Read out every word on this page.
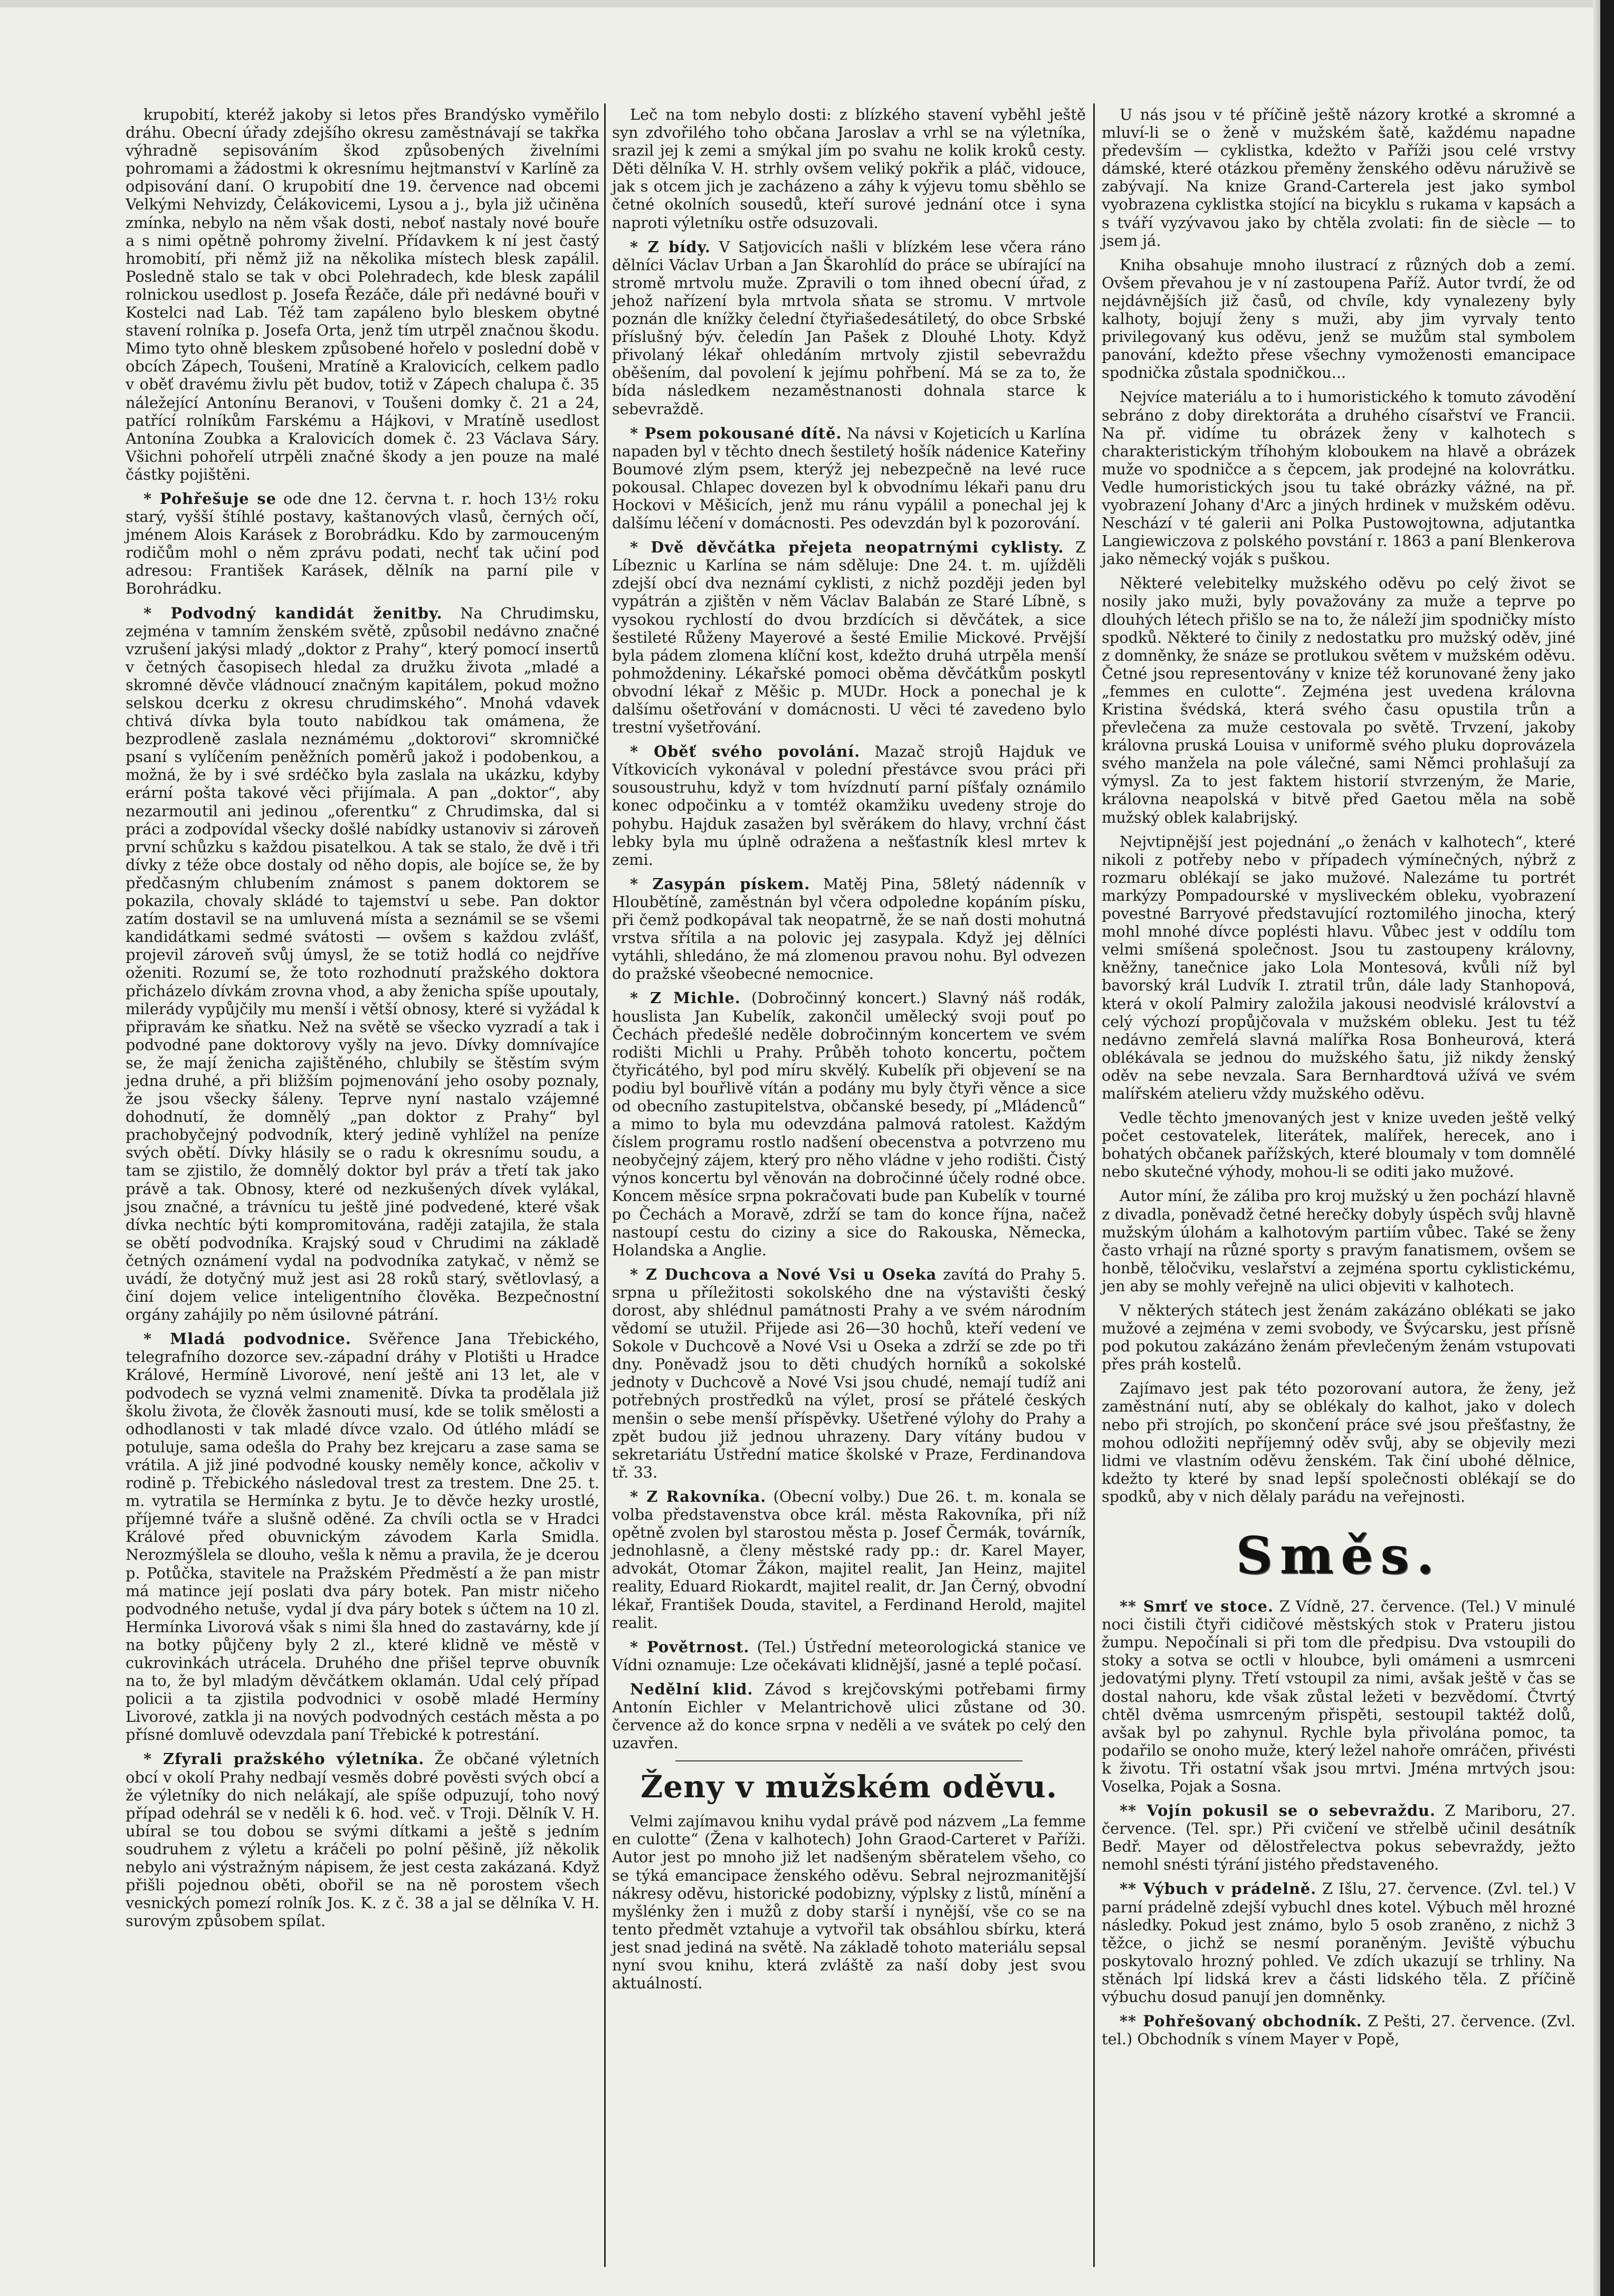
krupobití, kteréž jakoby si letos přes Brandýsko vyměřilo dráhu. Obecní úřady zdejšího okresu zaměstnávají se takřka výhradně sepisováním škod způsobených živelními pohromami a žádostmi k okresnímu hejtmanství v Karlíně za odpisování daní. O krupobití dne 19. července nad obcemi Velkými Nehvizdy, Čelákovicemi, Lysou a j., byla již učiněna zmínka, nebylo na něm však dosti, neboť nastaly nové bouře a s nimi opětně pohromy živelní. Přídavkem k ní jest častý hromobití, při němž již na několika místech blesk zapálil. Posledně stalo se tak v obci Polehradech, kde blesk zapálil rolnickou usedlost p. Josefa Řezáče, dále při nedávné bouři v Kostelci nad Lab. Též tam zapáleno bylo bleskem obytné stavení rolníka p. Josefa Orta, jenž tím utrpěl značnou škodu. Mimo tyto ohně bleskem způsobené hořelo v poslední době v obcích Zápech, Toušeni, Mratíně a Kralovicích, celkem padlo v oběť dravému živlu pět budov, totiž v Zápech chalupa č. 35 náležející Antonínu Beranovi, v Toušeni domky č. 21 a 24, patřící rolníkům Farskému a Hájkovi, v Mratíně usedlost Antonína Zoubka a Kralovicích domek č. 23 Václava Sáry. Všichni pohořelí utrpěli značné škody a jen pouze na malé částky pojištěni.

* Pohřešuje se ode dne 12. června t. r. hoch 13½ roku starý, vyšší štíhlé postavy, kaštanových vlasů, černých očí, jménem Alois Karásek z Borobrádku. Kdo by zarmouceným rodičům mohl o něm zprávu podati, nechť tak učiní pod adresou: František Karásek, dělník na parní pile v Borohrádku.

* Podvodný kandidát ženitby. Na Chrudimsku, zejména v tamním ženském světě, způsobil nedávno značné vzrušení jakýsi mladý „doktor z Prahy“, který pomocí insertů v četných časopisech hledal za družku života „mladé a skromné děvče vládnoucí značným kapitálem, pokud možno selskou dcerku z okresu chrudimského“. Mnohá vdavek chtivá dívka byla touto nabídkou tak omámena, že bezprodleně zaslala neznámému „doktorovi“ skromničké psaní s vylíčením peněžních poměrů jakož i podobenkou, a možná, že by i své srdéčko byla zaslala na ukázku, kdyby erární pošta takové věci přijímala. A pan „doktor“, aby nezarmoutil ani jedinou „oferentku“ z Chrudimska, dal si práci a zodpovídal všecky došlé nabídky ustanoviv si zároveň první schůzku s každou pisatelkou. A tak se stalo, že dvě i tři dívky z téže obce dostaly od něho dopis, ale bojíce se, že by předčasným chlubením známost s panem doktorem se pokazila, chovaly skládé to tajemství u sebe. Pan doktor zatím dostavil se na umluvená místa a seznámil se se všemi kandidátkami sedmé svátosti — ovšem s každou zvlášť, projevil zároveň svůj úmysl, že se totiž hodlá co nejdříve oženiti. Rozumí se, že toto rozhodnutí pražského doktora přicházelo dívkám zrovna vhod, a aby ženicha spíše upoutaly, milerády vypůjčily mu menší i větší obnosy, které si vyžádal k připravám ke sňatku. Než na světě se všecko vyzradí a tak i podvodné pane doktorovy vyšly na jevo. Dívky domnívajíce se, že mají ženicha zajištěného, chlubily se štěstím svým jedna druhé, a při bližším pojmenování jeho osoby poznaly, že jsou všecky šáleny. Teprve nyní nastalo vzájemné dohodnutí, že domnělý „pan doktor z Prahy“ byl prachobyčejný podvodník, který jedině vyhlížel na peníze svých obětí. Dívky hlásily se o radu k okresnímu soudu, a tam se zjistilo, že domnělý doktor byl práv a třetí tak jako právě a tak. Obnosy, které od nezkušených dívek vylákal, jsou značné, a trávnícu tu ještě jiné podvedené, které však dívka nechtíc býti kompromitována, raději zatajila, že stala se obětí podvodníka. Krajský soud v Chrudimi na základě četných oznámení vydal na podvodníka zatykač, v němž se uvádí, že dotyčný muž jest asi 28 roků starý, světlovlasý, a činí dojem velice inteligentního člověka. Bezpečnostní orgány zahájily po něm úsilovné pátrání.

* Mladá podvodnice. Svěřence Jana Třebického, telegrafního dozorce sev.-západní dráhy v Plotišti u Hradce Králové, Hermíně Livorové, není ještě ani 13 let, ale v podvodech se vyzná velmi znamenitě. Dívka ta prodělala již školu života, že člověk žasnouti musí, kde se tolik smělosti a odhodlanosti v tak mladé dívce vzalo. Od útlého mládí se potuluje, sama odešla do Prahy bez krejcaru a zase sama se vrátila. A již jiné podvodné kousky neměly konce, ačkoliv v rodině p. Třebického následoval trest za trestem. Dne 25. t. m. vytratila se Hermínka z bytu. Je to děvče hezky urostlé, příjemné tváře a slušně oděné. Za chvíli octla se v Hradci Králové před obuvnickým závodem Karla Smidla. Nerozmýšlela se dlouho, vešla k němu a pravila, že je dcerou p. Potůčka, stavitele na Pražském Předměstí a že pan mistr má matince její poslati dva páry botek. Pan mistr ničeho podvodného netuše, vydal jí dva páry botek s účtem na 10 zl. Hermínka Livorová však s nimi šla hned do zastavárny, kde jí na botky půjčeny byly 2 zl., které klidně ve městě v cukrovinkách utrácela. Druhého dne přišel teprve obuvník na to, že byl mladým děvčátkem oklamán. Udal celý případ policii a ta zjistila podvodnici v osobě mladé Hermíny Livorové, zatkla ji na nových podvodných cestách města a po přísné domluvě odevzdala paní Třebické k potrestání.

* Zfyrali pražského výletníka. Že občané výletních obcí v okolí Prahy nedbají vesměs dobré pověsti svých obcí a že výletníky do nich nelákají, ale spíše odpuzují, toho nový případ odehrál se v neděli k 6. hod. več. v Troji. Dělník V. H. ubíral se tou dobou se svými dítkami a ještě s jedním soudruhem z výletu a kráčeli po polní pěšině, jíž několik nebylo ani výstražným nápisem, že jest cesta zakázaná. Když přišli pojednou oběti, obořil se na ně porostem všech vesnických pomezí rolník Jos. K. z č. 38 a jal se dělníka V. H. surovým způsobem spílat.

Leč na tom nebylo dosti: z blízkého stavení vyběhl ještě syn zdvořilého toho občana Jaroslav a vrhl se na výletníka, srazil jej k zemi a smýkal jím po svahu ne kolik kroků cesty. Děti dělníka V. H. strhly ovšem veliký pokřik a pláč, vidouce, jak s otcem jich je zacházeno a záhy k výjevu tomu sběhlo se četné okolních sousedů, kteří surové jednání otce i syna naproti výletníku ostře odsuzovali.

* Z bídy. V Satjovicích našli v blízkém lese včera ráno dělníci Václav Urban a Jan Škarohlíd do práce se ubírající na stromě mrtvolu muže. Zpravili o tom ihned obecní úřad, z jehož nařízení byla mrtvola sňata se stromu. V mrtvole poznán dle knížky čelední čtyřiašedesátiletý, do obce Srbské příslušný býv. čeledín Jan Pašek z Dlouhé Lhoty. Když přivolaný lékař ohledáním mrtvoly zjistil sebevraždu oběšením, dal povolení k jejímu pohřbení. Má se za to, že bída následkem nezaměstnanosti dohnala starce k sebevraždě.

* Psem pokousané dítě. Na návsi v Kojeticích u Karlína napaden byl v těchto dnech šestiletý hošík nádenice Kateřiny Boumové zlým psem, kterýž jej nebezpečně na levé ruce pokousal. Chlapec dovezen byl k obvodnímu lékaři panu dru Hockovi v Měšicích, jenž mu ránu vypálil a ponechal jej k dalšímu léčení v domácnosti. Pes odevzdán byl k pozorování.

* Dvě děvčátka přejeta neopatrnými cyklisty. Z Líbeznic u Karlína se nám sděluje: Dne 24. t. m. ujížděli zdejší obcí dva neznámí cyklisti, z nichž později jeden byl vypátrán a zjištěn v něm Václav Balabán ze Staré Líbně, s vysokou rychlostí do dvou brzdících si děvčátek, a sice šestileté Růženy Mayerové a šesté Emilie Mickové. Prvější byla pádem zlomena klíční kost, kdežto druhá utrpěla menší pohmoždeniny. Lékařské pomoci oběma děvčátkům poskytl obvodní lékař z Měšic p. MUDr. Hock a ponechal je k dalšímu ošetřování v domácnosti. U věci té zavedeno bylo trestní vyšetřování.

* Oběť svého povolání. Mazač strojů Hajduk ve Vítkovicích vykonával v polední přestávce svou práci při sousoustruhu, když v tom hvízdnutí parní píšťaly oznámilo konec odpočinku a v tomtéž okamžiku uvedeny stroje do pohybu. Hajduk zasažen byl svěrákem do hlavy, vrchní část lebky byla mu úplně odražena a nešťastník klesl mrtev k zemi.

* Zasypán pískem. Matěj Pina, 58letý nádenník v Hloubětíně, zaměstnán byl včera odpoledne kopáním písku, při čemž podkopával tak neopatrně, že se naň dosti mohutná vrstva sřítila a na polovic jej zasypala. Když jej dělníci vytáhli, shledáno, že má zlomenou pravou nohu. Byl odvezen do pražské všeobecné nemocnice.

* Z Michle. (Dobročinný koncert.) Slavný náš rodák, houslista Jan Kubelík, zakončil umělecký svoji pouť po Čechách předešlé neděle dobročinným koncertem ve svém rodišti Michli u Prahy. Průběh tohoto koncertu, počtem čtyřicátého, byl pod míru skvělý. Kubelík při objevení se na podiu byl bouřlivě vítán a podány mu byly čtyři věnce a sice od obecního zastupitelstva, občanské besedy, pí „Mládenců“ a mimo to byla mu odevzdána palmová ratolest. Každým číslem programu rostlo nadšení obecenstva a potvrzeno mu neobyčejný zájem, který pro něho vládne v jeho rodišti. Čistý výnos koncertu byl věnován na dobročinné účely rodné obce. Koncem měsíce srpna pokračovati bude pan Kubelík v tourné po Čechách a Moravě, zdrží se tam do konce října, načež nastoupí cestu do ciziny a sice do Rakouska, Německa, Holandska a Anglie.

* Z Duchcova a Nové Vsi u Oseka zavítá do Prahy 5. srpna u příležitosti sokolského dne na výstavišti český dorost, aby shlédnul památnosti Prahy a ve svém národním vědomí se utužil. Přijede asi 26—30 hochů, kteří vedení ve Sokole v Duchcově a Nové Vsi u Oseka a zdrží se zde po tři dny. Poněvadž jsou to děti chudých horníků a sokolské jednoty v Duchcově a Nové Vsi jsou chudé, nemají tudíž ani potřebných prostředků na výlet, prosí se přátelé českých menšin o sebe menší příspěvky. Ušetřené výlohy do Prahy a zpět budou již jednou uhrazeny. Dary vítány budou v sekretariátu Ústřední matice školské v Praze, Ferdinandova tř. 33.

* Z Rakovníka. (Obecní volby.) Due 26. t. m. konala se volba představenstva obce král. města Rakovníka, při níž opětně zvolen byl starostou města p. Josef Čermák, továrník, jednohlasně, a členy městské rady pp.: dr. Karel Mayer, advokát, Otomar Žákon, majitel realit, Jan Heinz, majitel reality, Eduard Riokardt, majitel realit, dr. Jan Černý, obvodní lékař, František Douda, stavitel, a Ferdinand Herold, majitel realit.

* Povětrnost. (Tel.) Ústřední meteorologická stanice ve Vídni oznamuje: Lze očekávati klidnější, jasné a teplé počasí.

Nedělní klid. Závod s krejčovskými potřebami firmy Antonín Eichler v Melantrichově ulici zůstane od 30. července až do konce srpna v neděli a ve svátek po celý den uzavřen.

Ženy v mužském oděvu.

Velmi zajímavou knihu vydal právě pod názvem „La femme en culotte“ (Žena v kalhotech) John Graod-Carteret v Paříži. Autor jest po mnoho již let nadšeným sběratelem všeho, co se týká emancipace ženského oděvu. Sebral nejrozmanitější nákresy oděvu, historické podobizny, výplsky z listů, mínění a myšlénky žen i mužů z doby starší i nynější, vše co se na tento předmět vztahuje a vytvořil tak obsáhlou sbírku, která jest snad jediná na světě. Na základě tohoto materiálu sepsal nyní svou knihu, která zvláště za naší doby jest svou aktuálností.

U nás jsou v té příčině ještě názory krotké a skromné a mluví-li se o ženě v mužském šatě, každému napadne především — cyklistka, kdežto v Paříži jsou celé vrstvy dámské, které otázkou přeměny ženského oděvu náruživě se zabývají. Na knize Grand-Carterela jest jako symbol vyobrazena cyklistka stojící na bicyklu s rukama v kapsách a s tváří vyzývavou jako by chtěla zvolati: fin de siècle — to jsem já.

Kniha obsahuje mnoho ilustrací z různých dob a zemí. Ovšem převahou je v ní zastoupena Paříž. Autor tvrdí, že od nejdávnějších již časů, od chvíle, kdy vynalezeny byly kalhoty, bojují ženy s muži, aby jim vyrvaly tento privilegovaný kus oděvu, jenž se mužům stal symbolem panování, kdežto přese všechny vymoženosti emancipace spodnička zůstala spodničkou...

Nejvíce materiálu a to i humoristického k tomuto závodění sebráno z doby direktoráta a druhého císařství ve Francii. Na př. vidíme tu obrázek ženy v kalhotech s charakteristickým tříhohým kloboukem na hlavě a obrázek muže vo spodničce a s čepcem, jak prodejné na kolovrátku. Vedle humoristických jsou tu také obrázky vážné, na př. vyobrazení Johany d'Arc a jiných hrdinek v mužském oděvu. Neschází v té galerii ani Polka Pustowojtowna, adjutantka Langiewiczova z polského povstání r. 1863 a paní Blenkerova jako německý voják s puškou.

Některé velebitelky mužského oděvu po celý život se nosily jako muži, byly považovány za muže a teprve po dlouhých létech přišlo se na to, že náleží jim spodničky místo spodků. Některé to činily z nedostatku pro mužský oděv, jiné z domněnky, že snáze se protlukou světem v mužském oděvu. Četné jsou representovány v knize též korunované ženy jako „femmes en culotte“. Zejména jest uvedena královna Kristina švédská, která svého času opustila trůn a převlečena za muže cestovala po světě. Trvzení, jakoby královna pruská Louisa v uniformě svého pluku doprovázela svého manžela na pole válečné, sami Němci prohlašují za výmysl. Za to jest faktem historií stvrzeným, že Marie, královna neapolská v bitvě před Gaetou měla na sobě mužský oblek kalabrijský.

Nejvtipnější jest pojednání „o ženách v kalhotech“, které nikoli z potřeby nebo v případech výmínečných, nýbrž z rozmaru oblékají se jako mužové. Nalezáme tu portrét markýzy Pompadourské v mysliveckém obleku, vyobrazení povestné Barryové představující roztomilého jinocha, který mohl mnohé dívce poplésti hlavu. Vůbec jest v oddílu tom velmi smíšená společnost. Jsou tu zastoupeny královny, kněžny, tanečnice jako Lola Montesová, kvůli níž byl bavorský král Ludvík I. ztratil trůn, dále lady Stanhopová, která v okolí Palmiry založila jakousi neodvislé království a celý výchozí propůjčovala v mužském obleku. Jest tu též nedávno zemřelá slavná malířka Rosa Bonheurová, která oblékávala se jednou do mužského šatu, již nikdy ženský oděv na sebe nevzala. Sara Bernhardtová užívá ve svém malířském atelieru vždy mužského oděvu.

Vedle těchto jmenovaných jest v knize uveden ještě velký počet cestovatelek, literátek, malířek, herecek, ano i bohatých občanek pařížských, které bloumaly v tom domnělé nebo skutečné výhody, mohou-li se oditi jako mužové.

Autor míní, že záliba pro kroj mužský u žen pochází hlavně z divadla, poněvadž četné herečky dobyly úspěch svůj hlavně mužským úlohám a kalhotovým partiím vůbec. Také se ženy často vrhají na různé sporty s pravým fanatismem, ovšem se honbě, těločviku, veslařství a zejména sportu cyklistickému, jen aby se mohly veřejně na ulici objeviti v kalhotech.

V některých státech jest ženám zakázáno oblékati se jako mužové a zejména v zemi svobody, ve Švýcarsku, jest přísně pod pokutou zakázáno ženám převlečeným ženám vstupovati přes práh kostelů.

Zajímavo jest pak této pozorovaní autora, že ženy, jež zaměstnání nutí, aby se oblékaly do kalhot, jako v dolech nebo při strojích, po skončení práce své jsou přešťastny, že mohou odložiti nepříjemný oděv svůj, aby se objevily mezi lidmi ve vlastním oděvu ženském. Tak činí ubohé dělnice, kdežto ty které by snad lepší společnosti oblékají se do spodků, aby v nich dělaly parádu na veřejnosti.

Směs.

** Smrť ve stoce. Z Vídně, 27. července. (Tel.) V minulé noci čistili čtyři cidičové městských stok v Prateru jistou žumpu. Nepočínali si při tom dle předpisu. Dva vstoupili do stoky a sotva se octli v hloubce, byli omámeni a usmrceni jedovatými plyny. Třetí vstoupil za nimi, avšak ještě v čas se dostal nahoru, kde však zůstal ležeti v bezvědomí. Čtvrtý chtěl dvěma usmrceným přispěti, sestoupil taktéž dolů, avšak byl po zahynul. Rychle byla přivolána pomoc, ta podařilo se onoho muže, který ležel nahoře omráčen, přivésti k životu. Tři ostatní však jsou mrtvi. Jména mrtvých jsou: Voselka, Pojak a Sosna.

** Vojín pokusil se o sebevraždu. Z Mariboru, 27. července. (Tel. spr.) Při cvičení ve střelbě učinil desátník Bedř. Mayer od dělostřelectva pokus sebevraždy, ježto nemohl snésti týrání jistého představeného.

** Výbuch v prádelně. Z Išlu, 27. července. (Zvl. tel.) V parní prádelně zdejší vybuchl dnes kotel. Výbuch měl hrozné následky. Pokud jest známo, bylo 5 osob zraněno, z nichž 3 těžce, o jichž se nesmí poraněným. Jeviště výbuchu poskytovalo hrozný pohled. Ve zdích ukazují se trhliny. Na stěnách lpí lidská krev a části lidského těla. Z příčině výbuchu dosud panují jen domněnky.

** Pohřešovaný obchodník. Z Pešti, 27. července. (Zvl. tel.) Obchodník s vínem Mayer v Popě,
